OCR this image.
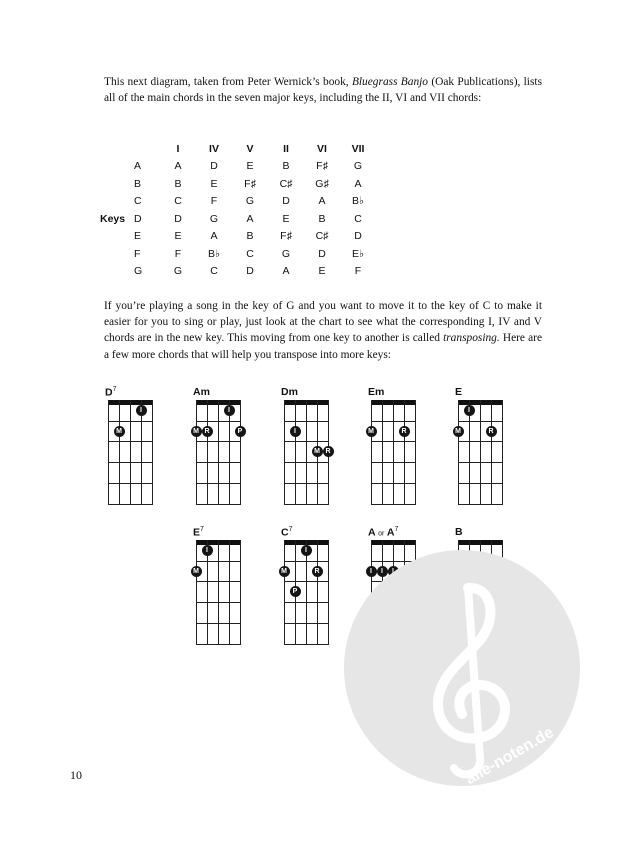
This next diagram, taken from Peter Wernick’s book, Bluegrass Banjo (Oak Publications), lists all of the main chords in the seven major keys, including the II, VI and VII chords:

		I	IV	V	II	VI	VII
	A	A	D	E	B	F♯	G
	B	B	E	F♯	C♯	G♯	A
	C	C	F	G	D	A	B♭
Keys	D	D	G	A	E	B	C
	E	E	A	B	F♯	C♯	D
	F	F	B♭	C	G	D	E♭
	G	G	C	D	A	E	F

If you’re playing a song in the key of G and you want to move it to the key of C to make it easier for you to sing or play, just look at the chart to see what the corresponding I, IV and V chords are in the new key. This moving from one key to another is called transposing. Here are a few more chords that will help you transpose into more keys:

$D^7$
I
M
Am
I
M R	P
Dm
I
M R
Em
M	R
E
I
M	R
$E^7$
I
M
$C^7$
I
M	R
P
A or $A^7$
I	I	I
B
alle-noten.de
10
